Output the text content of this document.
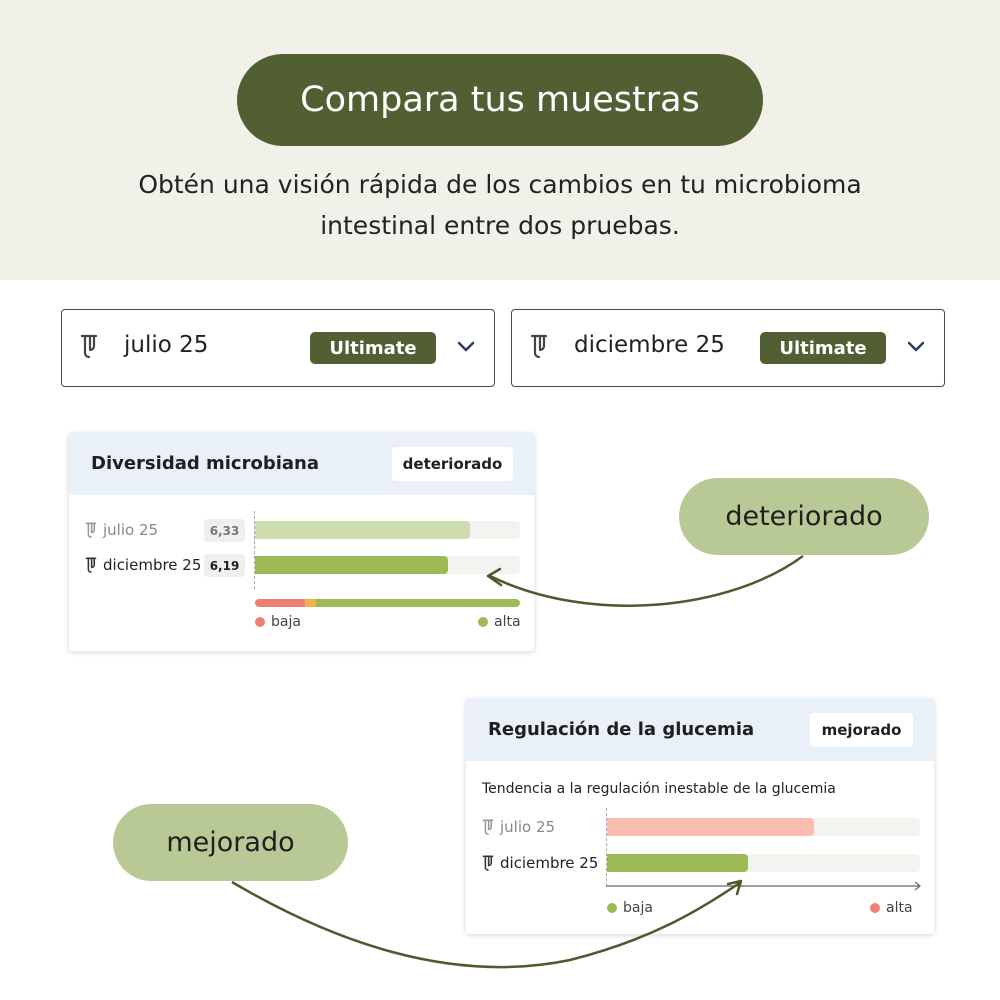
Compara tus muestras
Obtén una visión rápida de los cambios en tu microbioma
intestinal entre dos pruebas.
julio 25	Ultimate	diciembre 25	Ultimate
Diversidad microbiana	deteriorado
julio 25	6,33
diciembre 25 6,19
baja	alta
Regulación de la glucemia	mejorado
Tendencia a la regulación inestable de la glucemia
julio 25
diciembre 25
baja	alta
deteriorado
mejorado
